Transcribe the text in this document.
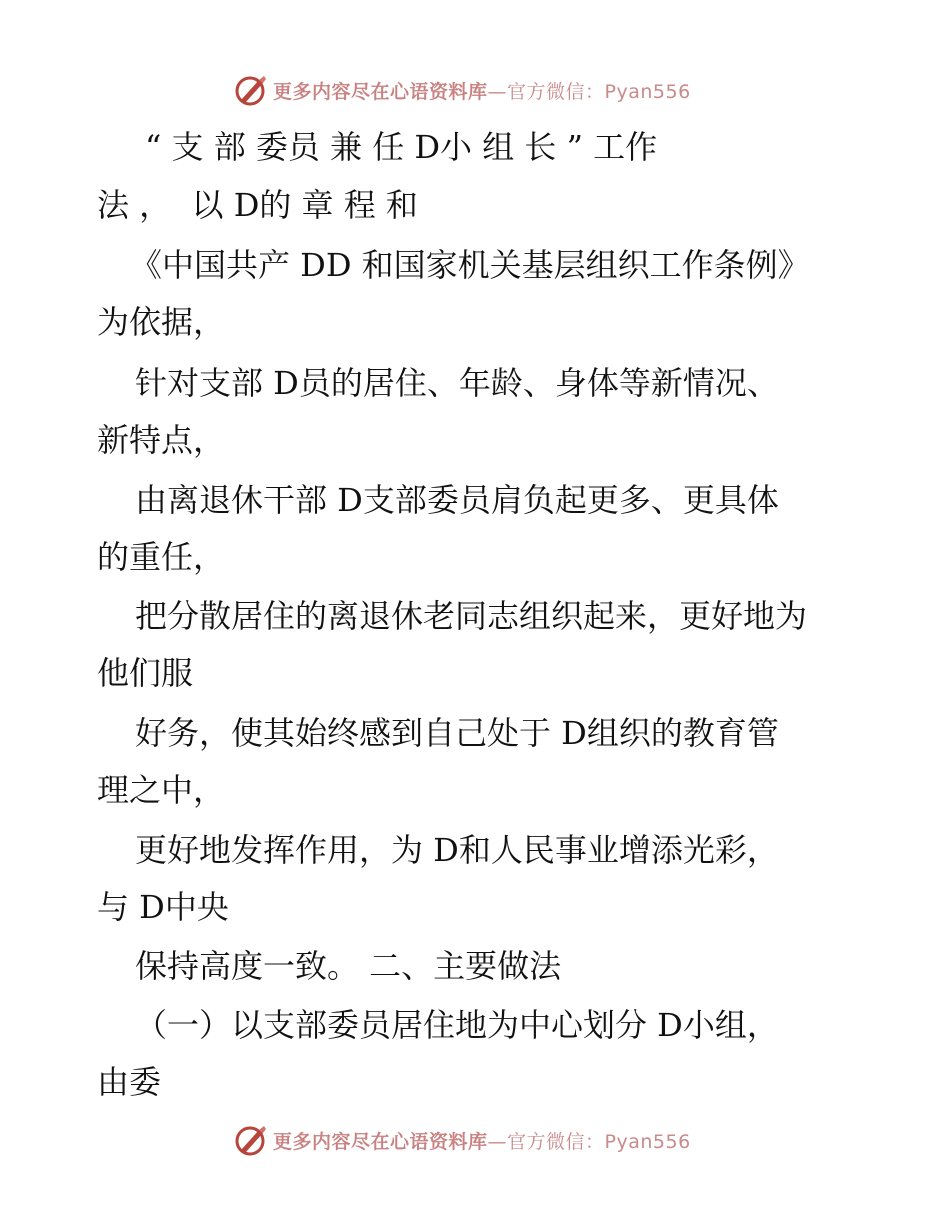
更多内容尽在心语资料库—官方微信：Pyan556
“ 支 部 委员 兼 任 D小 组 长 ” 工作
法 ，  以 D的 章 程 和
《中国共产 DD 和国家机关基层组织工作条例》
为依据，
针对支部 D员的居住、年龄、身体等新情况、
新特点，
由离退休干部 D支部委员肩负起更多、更具体
的重任，
把分散居住的离退休老同志组织起来，更好地为
他们服
好务，使其始终感到自己处于 D组织的教育管
理之中，
更好地发挥作用，为 D和人民事业增添光彩，
与 D中央
保持高度一致。 二、主要做法
（一）以支部委员居住地为中心划分 D小组，
由委
更多内容尽在心语资料库—官方微信：Pyan556
